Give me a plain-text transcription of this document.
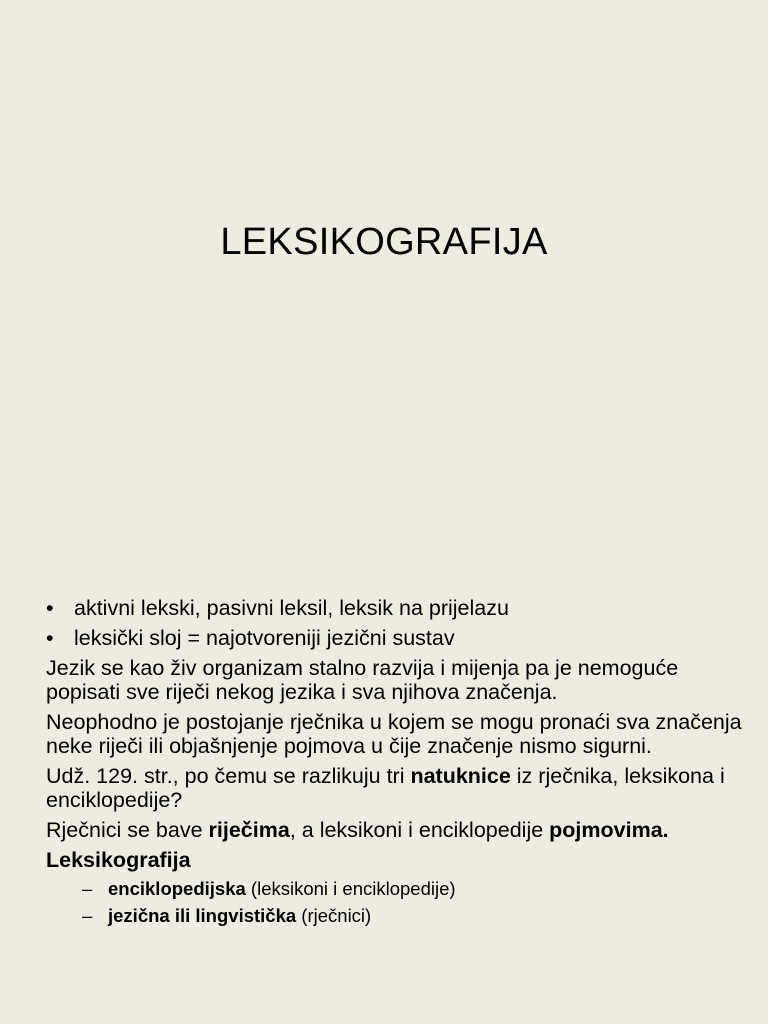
LEKSIKOGRAFIJA
• aktivni lekski, pasivni leksil, leksik na prijelazu
• leksički sloj = najotvoreniji jezični sustav
Jezik se kao živ organizam stalno razvija i mijenja pa je nemoguće popisati sve riječi nekog jezika i sva njihova značenja.
Neophodno je postojanje rječnika u kojem se mogu pronaći sva značenja neke riječi ili objašnjenje pojmova u čije značenje nismo sigurni.
Udž. 129. str., po čemu se razlikuju tri natuknice iz rječnika, leksikona i enciklopedije?
Rječnici se bave riječima, a leksikoni i enciklopedije pojmovima.
Leksikografija
– enciklopedijska (leksikoni i enciklopedije)
– jezična ili lingvistička (rječnici)
